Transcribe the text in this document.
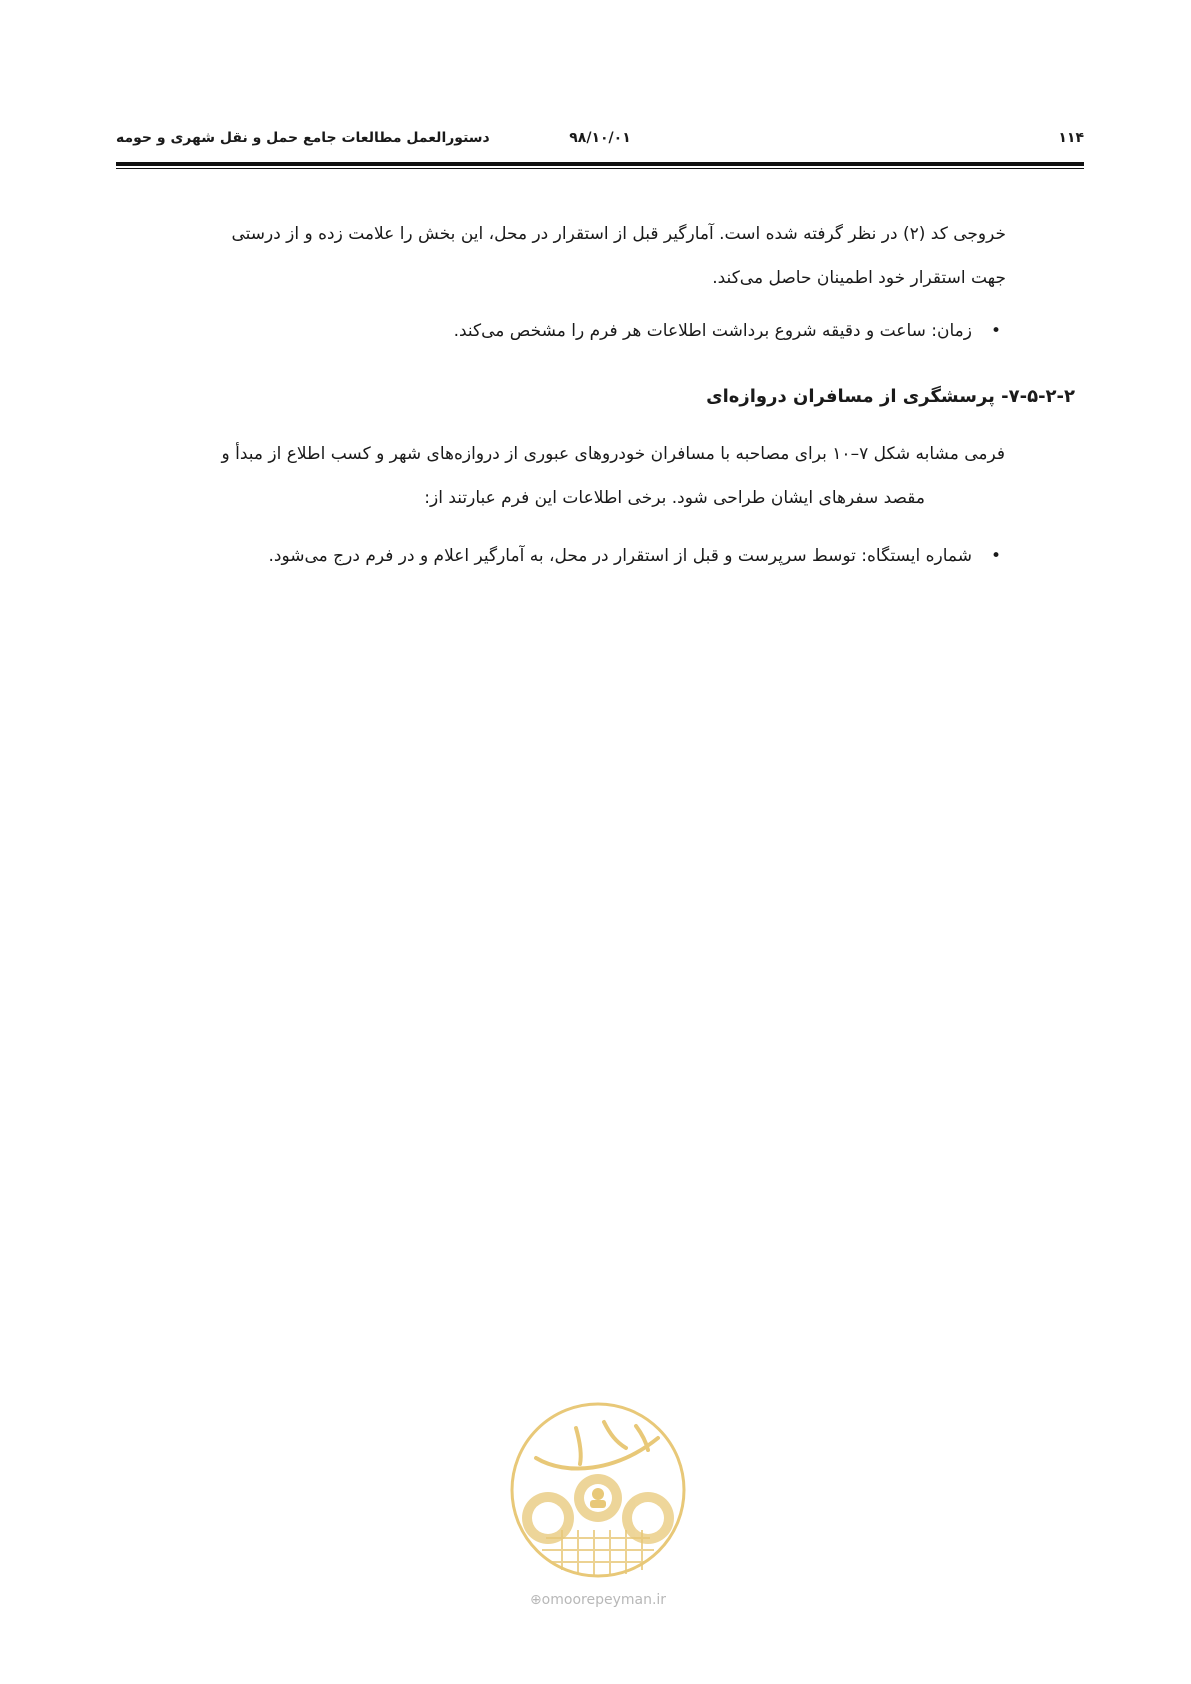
۱۱۴
۹۸/۱۰/۰۱
دستورالعمل مطالعات جامع حمل و نقل شهری و حومه
خروجی کد (۲) در نظر گرفته شده است. آمارگیر قبل از استقرار در محل، این بخش را علامت زده و از درستی
جهت استقرار خود اطمینان حاصل می‌کند.
•
زمان: ساعت و دقیقه شروع برداشت اطلاعات هر فرم را مشخص می‌کند.
۷-۵-۲-۲- پرسشگری از مسافران دروازه‌ای
فرمی مشابه شکل ۷–۱۰ برای مصاحبه با مسافران خودروهای عبوری از دروازه‌های شهر و کسب اطلاع از مبدأ و
مقصد سفرهای ایشان طراحی شود. برخی اطلاعات این فرم عبارتند از:
•
شماره ایستگاه: توسط سرپرست و قبل از استقرار در محل، به آمارگیر اعلام و در فرم درج می‌شود.
⊕omoorepeyman.ir
